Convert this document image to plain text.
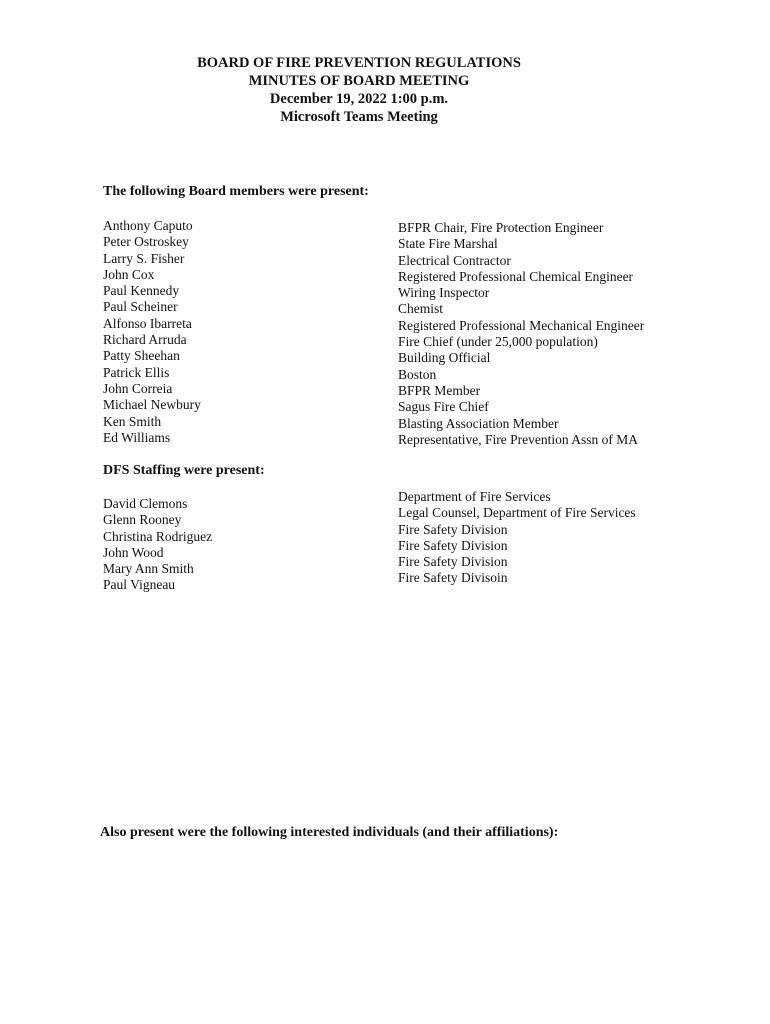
BOARD OF FIRE PREVENTION REGULATIONS
MINUTES OF BOARD MEETING
December 19, 2022 1:00 p.m.
Microsoft Teams Meeting
The following Board members were present:
Anthony Caputo
Peter Ostroskey
Larry S. Fisher
John Cox
Paul Kennedy
Paul Scheiner
Alfonso Ibarreta
Richard Arruda
Patty Sheehan
Patrick Ellis
John Correia
Michael Newbury
Ken Smith
Ed Williams
BFPR Chair, Fire Protection Engineer
State Fire Marshal
Electrical Contractor
Registered Professional Chemical Engineer
Wiring Inspector
Chemist
Registered Professional Mechanical Engineer
Fire Chief (under 25,000 population)
Building Official
Boston
BFPR Member
Sagus Fire Chief
Blasting Association Member
Representative, Fire Prevention Assn of MA
DFS Staffing were present:
David Clemons
Glenn Rooney
Christina Rodriguez
John Wood
Mary Ann Smith
Paul Vigneau
Department of Fire Services
Legal Counsel, Department of Fire Services
Fire Safety Division
Fire Safety Division
Fire Safety Division
Fire Safety Divisoin
Also present were the following interested individuals (and their affiliations):
